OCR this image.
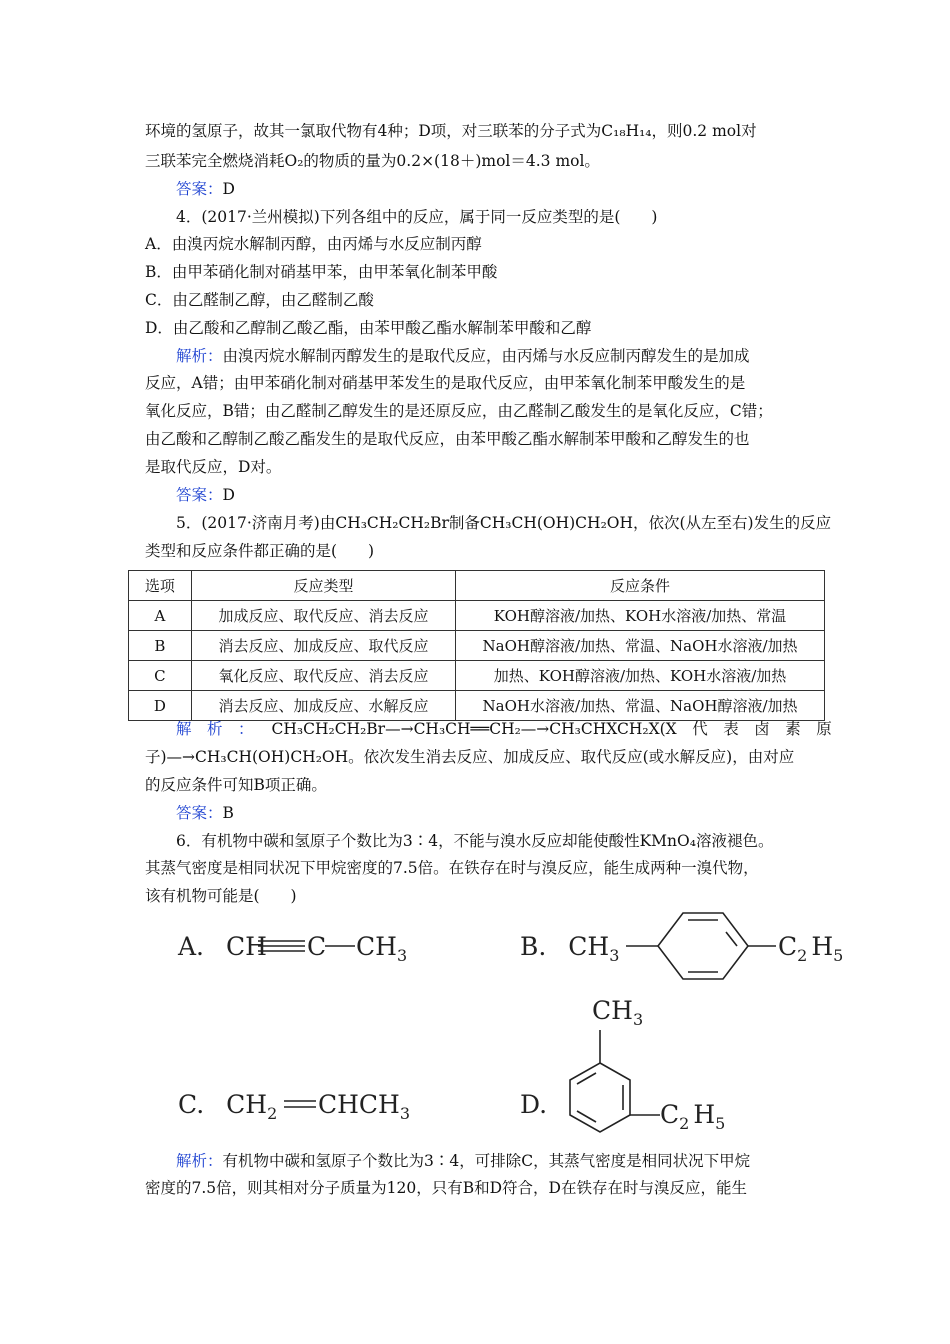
环境的氢原子，故其一氯取代物有4种；D项，对三联苯的分子式为C₁₈H₁₄，则0.2 mol对
三联苯完全燃烧消耗O₂的物质的量为0.2×(18＋)mol＝4.3 mol。
答案：D
4．(2017·兰州模拟)下列各组中的反应，属于同一反应类型的是(　　)
A．由溴丙烷水解制丙醇，由丙烯与水反应制丙醇
B．由甲苯硝化制对硝基甲苯，由甲苯氧化制苯甲酸
C．由乙醛制乙醇，由乙醛制乙酸
D．由乙酸和乙醇制乙酸乙酯，由苯甲酸乙酯水解制苯甲酸和乙醇
解析：由溴丙烷水解制丙醇发生的是取代反应，由丙烯与水反应制丙醇发生的是加成
反应，A错；由甲苯硝化制对硝基甲苯发生的是取代反应，由甲苯氧化制苯甲酸发生的是
氧化反应，B错；由乙醛制乙醇发生的是还原反应，由乙醛制乙酸发生的是氧化反应，C错；
由乙酸和乙醇制乙酸乙酯发生的是取代反应，由苯甲酸乙酯水解制苯甲酸和乙醇发生的也
是取代反应，D对。
答案：D
5．(2017·济南月考)由CH₃CH₂CH₂Br制备CH₃CH(OH)CH₂OH，依次(从左至右)发生的反应
类型和反应条件都正确的是(　　)
选项	反应类型	反应条件
A	加成反应、取代反应、消去反应	KOH醇溶液/加热、KOH水溶液/加热、常温
B	消去反应、加成反应、取代反应	NaOH醇溶液/加热、常温、NaOH水溶液/加热
C	氧化反应、取代反应、消去反应	加热、KOH醇溶液/加热、KOH水溶液/加热
D	消去反应、加成反应、水解反应	NaOH水溶液/加热、常温、NaOH醇溶液/加热
解　析　： CH₃CH₂CH₂Br—→CH₃CH══CH₂—→CH₃CHXCH₂X(X　代　表　卤　素　原
子)—→CH₃CH(OH)CH₂OH。依次发生消去反应、加成反应、取代反应(或水解反应)，由对应
的反应条件可知B项正确。
答案：B
6．有机物中碳和氢原子个数比为3∶4，不能与溴水反应却能使酸性KMnO₄溶液褪色。
其蒸气密度是相同状况下甲烷密度的7.5倍。在铁存在时与溴反应，能生成两种一溴代物，
该有机物可能是(　　)
A. CH C $CH_3$	B. $CH_3$	$C_2$ $H_5$
C. $CH_2$ $CHCH_3$	D.
$CH_3$
$C_2$ $H_5$
解析：有机物中碳和氢原子个数比为3∶4，可排除C，其蒸气密度是相同状况下甲烷
密度的7.5倍，则其相对分子质量为120，只有B和D符合，D在铁存在时与溴反应，能生
